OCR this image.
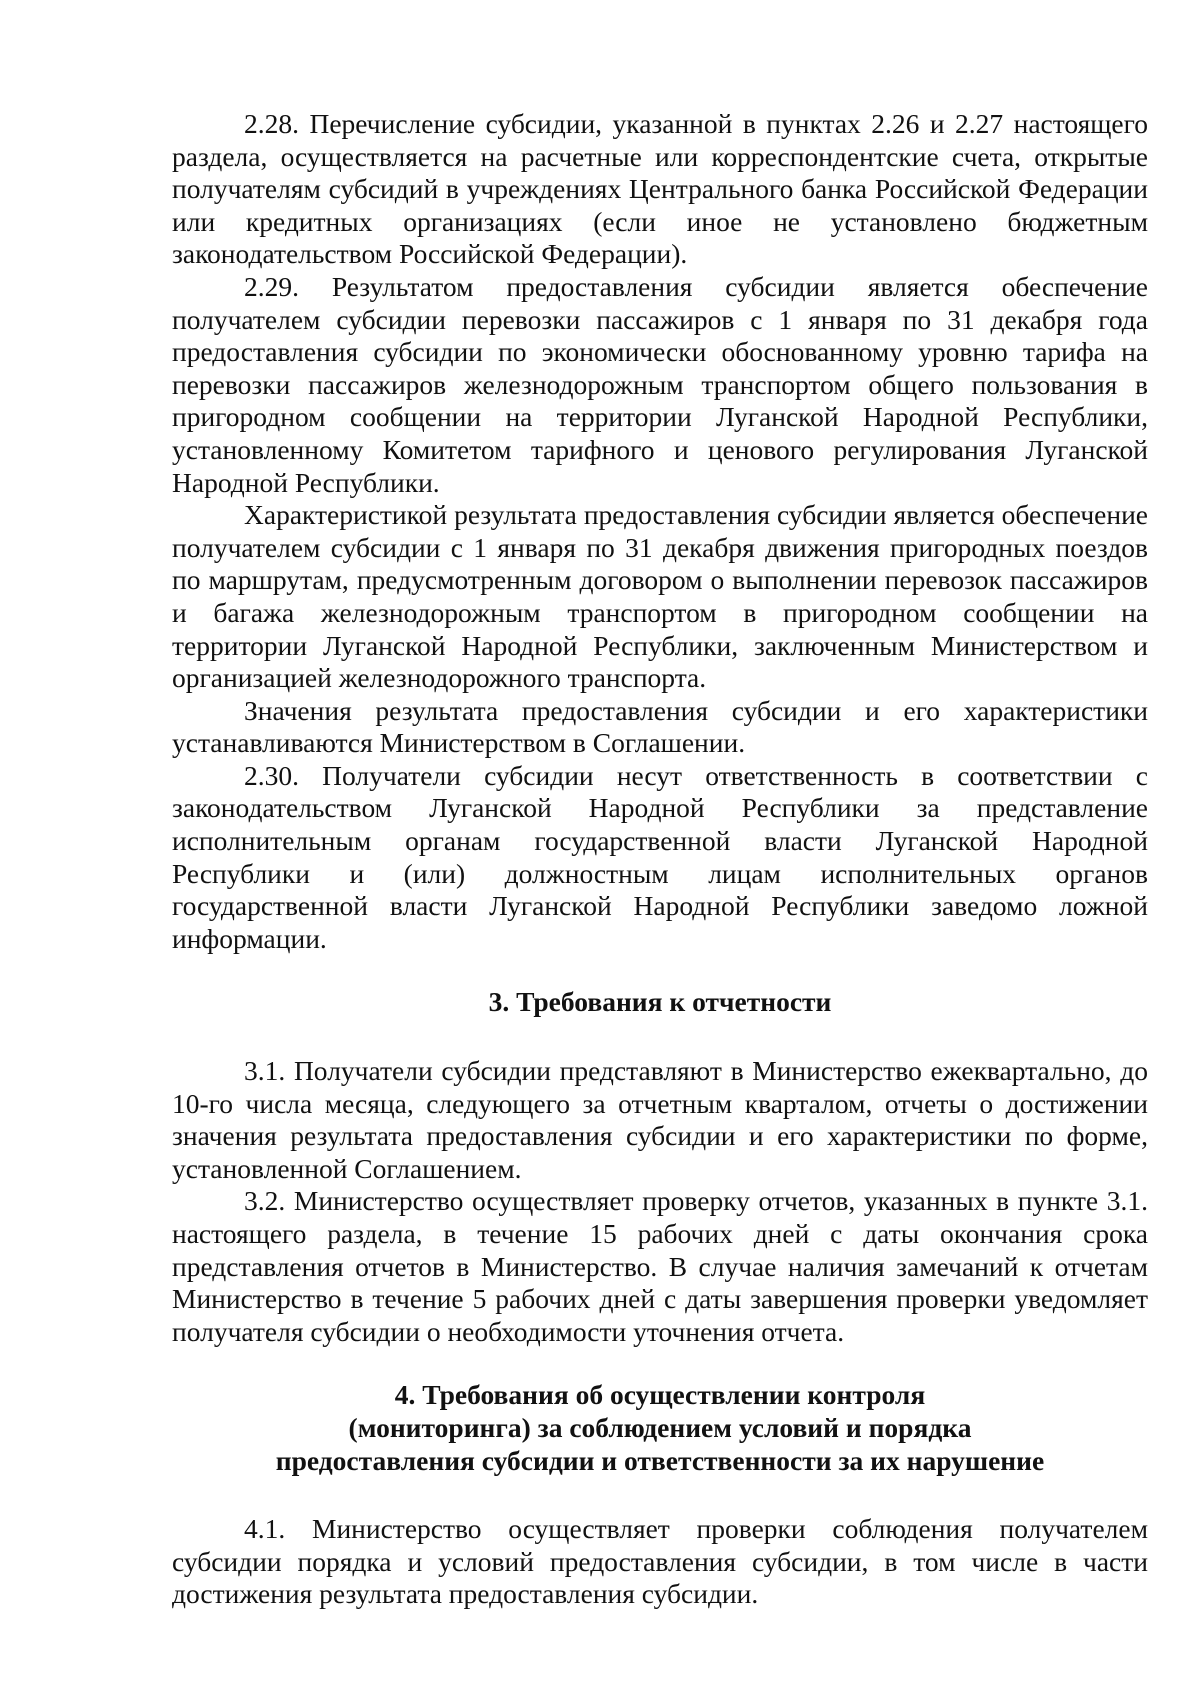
2.28. Перечисление субсидии, указанной в пунктах 2.26 и 2.27 настоящего раздела, осуществляется на расчетные или корреспондентские счета, открытые получателям субсидий в учреждениях Центрального банка Российской Федерации или кредитных организациях (если иное не установлено бюджетным законодательством Российской Федерации).

2.29. Результатом предоставления субсидии является обеспечение получателем субсидии перевозки пассажиров с 1 января по 31 декабря года предоставления субсидии по экономически обоснованному уровню тарифа на перевозки пассажиров железнодорожным транспортом общего пользования в пригородном сообщении на территории Луганской Народной Республики, установленному Комитетом тарифного и ценового регулирования Луганской Народной Республики.

Характеристикой результата предоставления субсидии является обеспечение получателем субсидии с 1 января по 31 декабря движения пригородных поездов по маршрутам, предусмотренным договором о выполнении перевозок пассажиров и багажа железнодорожным транспортом в пригородном сообщении на территории Луганской Народной Республики, заключенным Министерством и организацией железнодорожного транспорта.

Значения результата предоставления субсидии и его характеристики устанавливаются Министерством в Соглашении.

2.30. Получатели субсидии несут ответственность в соответствии с законодательством Луганской Народной Республики за представление исполнительным органам государственной власти Луганской Народной Республики и (или) должностным лицам исполнительных органов государственной власти Луганской Народной Республики заведомо ложной информации.

3. Требования к отчетности

3.1. Получатели субсидии представляют в Министерство ежеквартально, до 10-го числа месяца, следующего за отчетным кварталом, отчеты о достижении значения результата предоставления субсидии и его характеристики по форме, установленной Соглашением.

3.2. Министерство осуществляет проверку отчетов, указанных в пункте 3.1. настоящего раздела, в течение 15 рабочих дней с даты окончания срока представления отчетов в Министерство. В случае наличия замечаний к отчетам Министерство в течение 5 рабочих дней с даты завершения проверки уведомляет получателя субсидии о необходимости уточнения отчета.

4. Требования об осуществлении контроля
(мониторинга) за соблюдением условий и порядка
предоставления субсидии и ответственности за их нарушение

4.1. Министерство осуществляет проверки соблюдения получателем субсидии порядка и условий предоставления субсидии, в том числе в части достижения результата предоставления субсидии.
